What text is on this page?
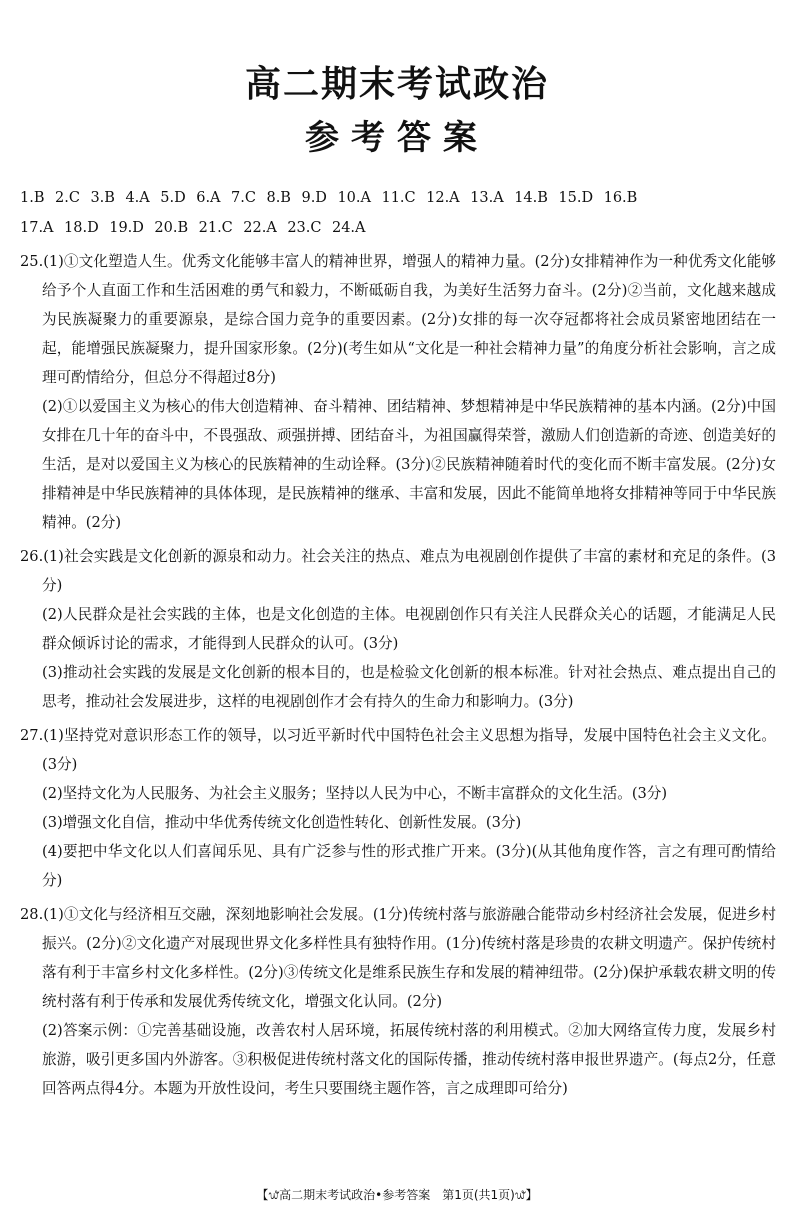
高二期末考试政治
参考答案
1.B 2.C 3.B 4.A 5.D 6.A 7.C 8.B 9.D 10.A 11.C 12.A 13.A 14.B 15.D 16.B
17.A 18.D 19.D 20.B 21.C 22.A 23.C 24.A

25.(1)①文化塑造人生。优秀文化能够丰富人的精神世界，增强人的精神力量。(2分)女排精神作为一种优秀文化能够给予个人直面工作和生活困难的勇气和毅力，不断砥砺自我，为美好生活努力奋斗。(2分)②当前，文化越来越成为民族凝聚力的重要源泉，是综合国力竞争的重要因素。(2分)女排的每一次夺冠都将社会成员紧密地团结在一起，能增强民族凝聚力，提升国家形象。(2分)(考生如从“文化是一种社会精神力量”的角度分析社会影响，言之成理可酌情给分，但总分不得超过8分)

(2)①以爱国主义为核心的伟大创造精神、奋斗精神、团结精神、梦想精神是中华民族精神的基本内涵。(2分)中国女排在几十年的奋斗中，不畏强敌、顽强拼搏、团结奋斗，为祖国赢得荣誉，激励人们创造新的奇迹、创造美好的生活，是对以爱国主义为核心的民族精神的生动诠释。(3分)②民族精神随着时代的变化而不断丰富发展。(2分)女排精神是中华民族精神的具体体现，是民族精神的继承、丰富和发展，因此不能简单地将女排精神等同于中华民族精神。(2分)

26.(1)社会实践是文化创新的源泉和动力。社会关注的热点、难点为电视剧创作提供了丰富的素材和充足的条件。(3分)

(2)人民群众是社会实践的主体，也是文化创造的主体。电视剧创作只有关注人民群众关心的话题，才能满足人民群众倾诉讨论的需求，才能得到人民群众的认可。(3分)

(3)推动社会实践的发展是文化创新的根本目的，也是检验文化创新的根本标准。针对社会热点、难点提出自己的思考，推动社会发展进步，这样的电视剧创作才会有持久的生命力和影响力。(3分)

27.(1)坚持党对意识形态工作的领导，以习近平新时代中国特色社会主义思想为指导，发展中国特色社会主义文化。(3分)

(2)坚持文化为人民服务、为社会主义服务；坚持以人民为中心，不断丰富群众的文化生活。(3分)

(3)增强文化自信，推动中华优秀传统文化创造性转化、创新性发展。(3分)

(4)要把中华文化以人们喜闻乐见、具有广泛参与性的形式推广开来。(3分)(从其他角度作答，言之有理可酌情给分)

28.(1)①文化与经济相互交融，深刻地影响社会发展。(1分)传统村落与旅游融合能带动乡村经济社会发展，促进乡村振兴。(2分)②文化遗产对展现世界文化多样性具有独特作用。(1分)传统村落是珍贵的农耕文明遗产。保护传统村落有利于丰富乡村文化多样性。(2分)③传统文化是维系民族生存和发展的精神纽带。(2分)保护承载农耕文明的传统村落有利于传承和发展优秀传统文化，增强文化认同。(2分)

(2)答案示例：①完善基础设施，改善农村人居环境，拓展传统村落的利用模式。②加大网络宣传力度，发展乡村旅游，吸引更多国内外游客。③积极促进传统村落文化的国际传播，推动传统村落申报世界遗产。(每点2分，任意回答两点得4分。本题为开放性设问，考生只要围绕主题作答，言之成理即可给分)

【᭙高二期末考试政治•参考答案　第1页(共1页)᭙】
